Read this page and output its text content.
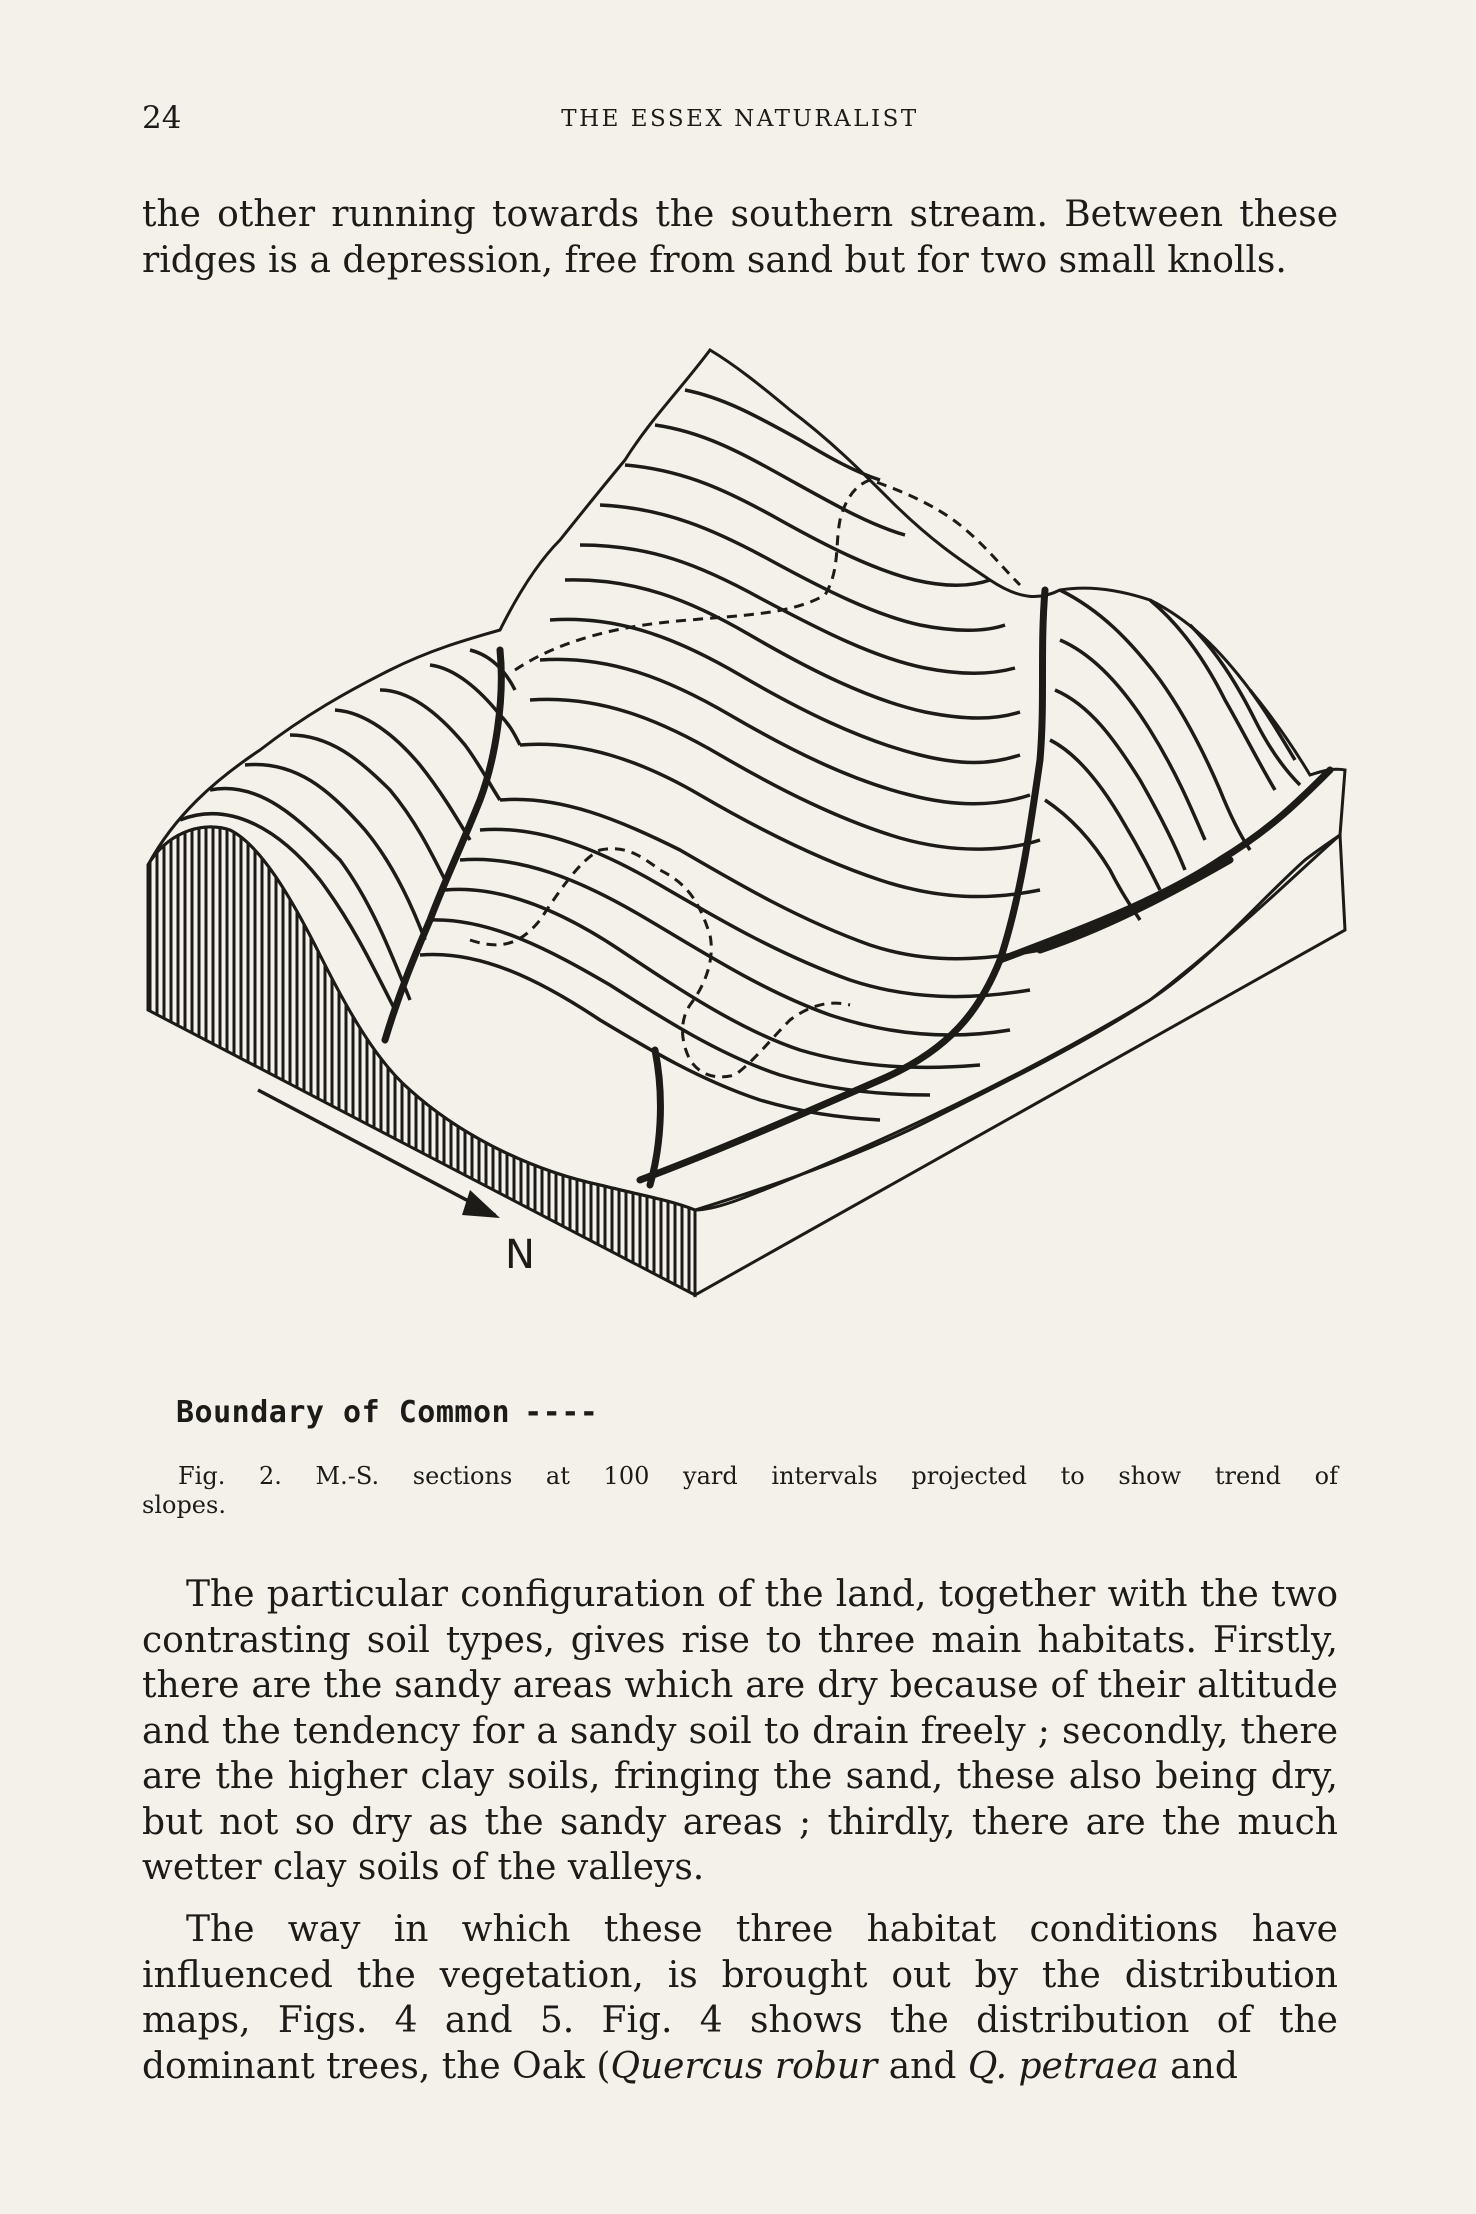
24	THE ESSEX NATURALIST

the other running towards the southern stream. Between these ridges is a depression, free from sand but for two small knolls.

N
Boundary of Common ----

Fig. 2. M.-S. sections at 100 yard intervals projected to show trend of
slopes.

The particular configuration of the land, together with the two contrasting soil types, gives rise to three main habitats. Firstly, there are the sandy areas which are dry because of their altitude and the tendency for a sandy soil to drain freely ; secondly, there are the higher clay soils, fringing the sand, these also being dry, but not so dry as the sandy areas ; thirdly, there are the much wetter clay soils of the valleys.

The way in which these three habitat conditions have influenced the vegetation, is brought out by the distribution maps, Figs. 4 and 5. Fig. 4 shows the distribution of the dominant trees, the Oak (Quercus robur and Q. petraea and
